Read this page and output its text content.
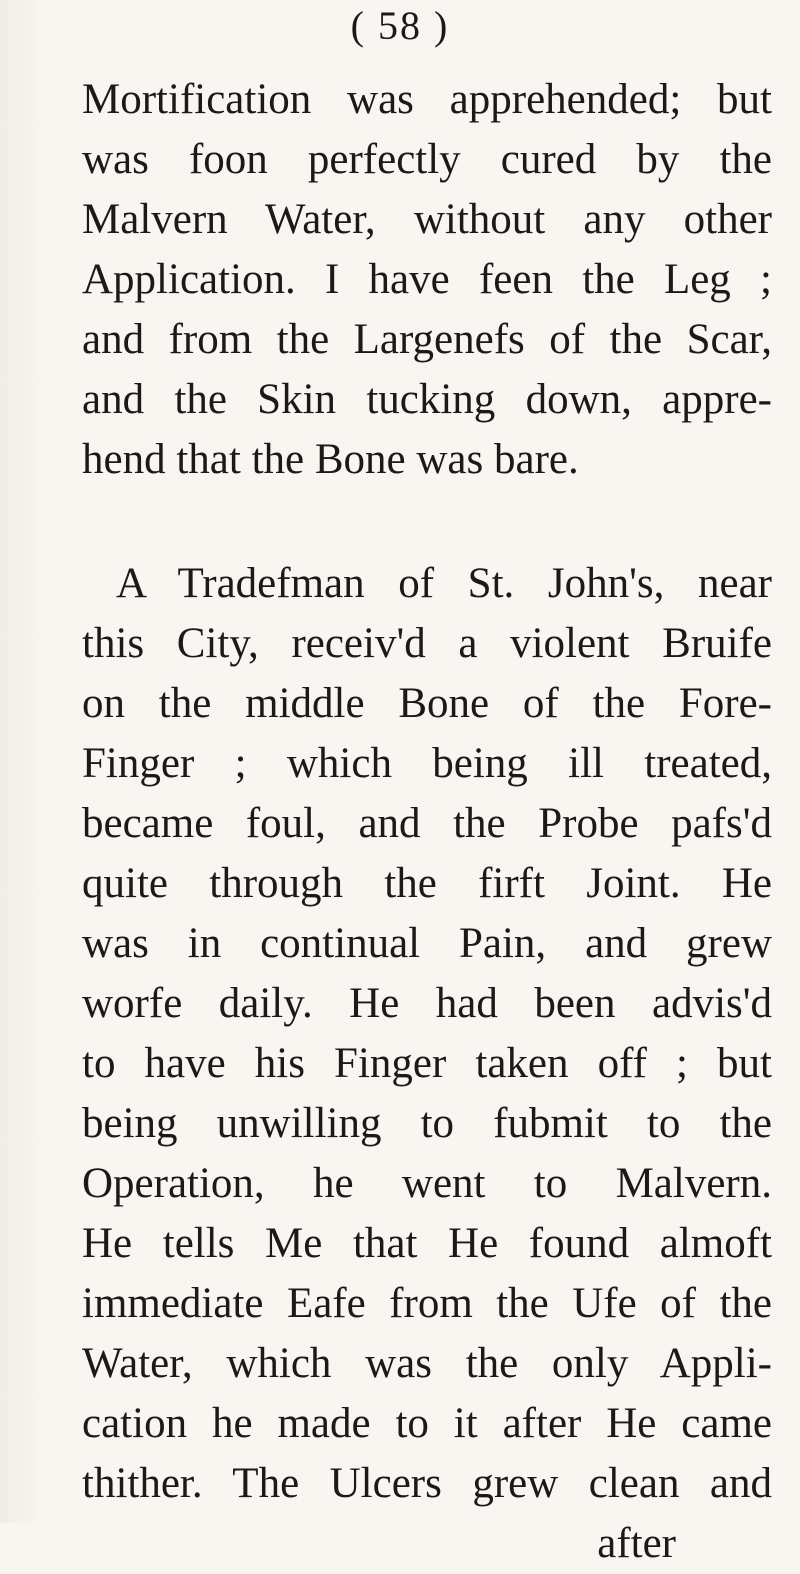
( 58 )
Mortification was apprehended; but
was foon perfectly cured by the
Malvern Water, without any other
Application. I have feen the Leg ;
and from the Largenefs of the Scar,
and the Skin tucking down, appre-
hend that the Bone was bare.
A Tradefman of St. John's, near
this City, receiv'd a violent Bruife
on the middle Bone of the Fore-
Finger ; which being ill treated,
became foul, and the Probe pafs'd
quite through the firft Joint. He
was in continual Pain, and grew
worfe daily. He had been advis'd
to have his Finger taken off ; but
being unwilling to fubmit to the
Operation, he went to Malvern.
He tells Me that He found almoft
immediate Eafe from the Ufe of the
Water, which was the only Appli-
cation he made to it after He came
thither. The Ulcers grew clean and
after
